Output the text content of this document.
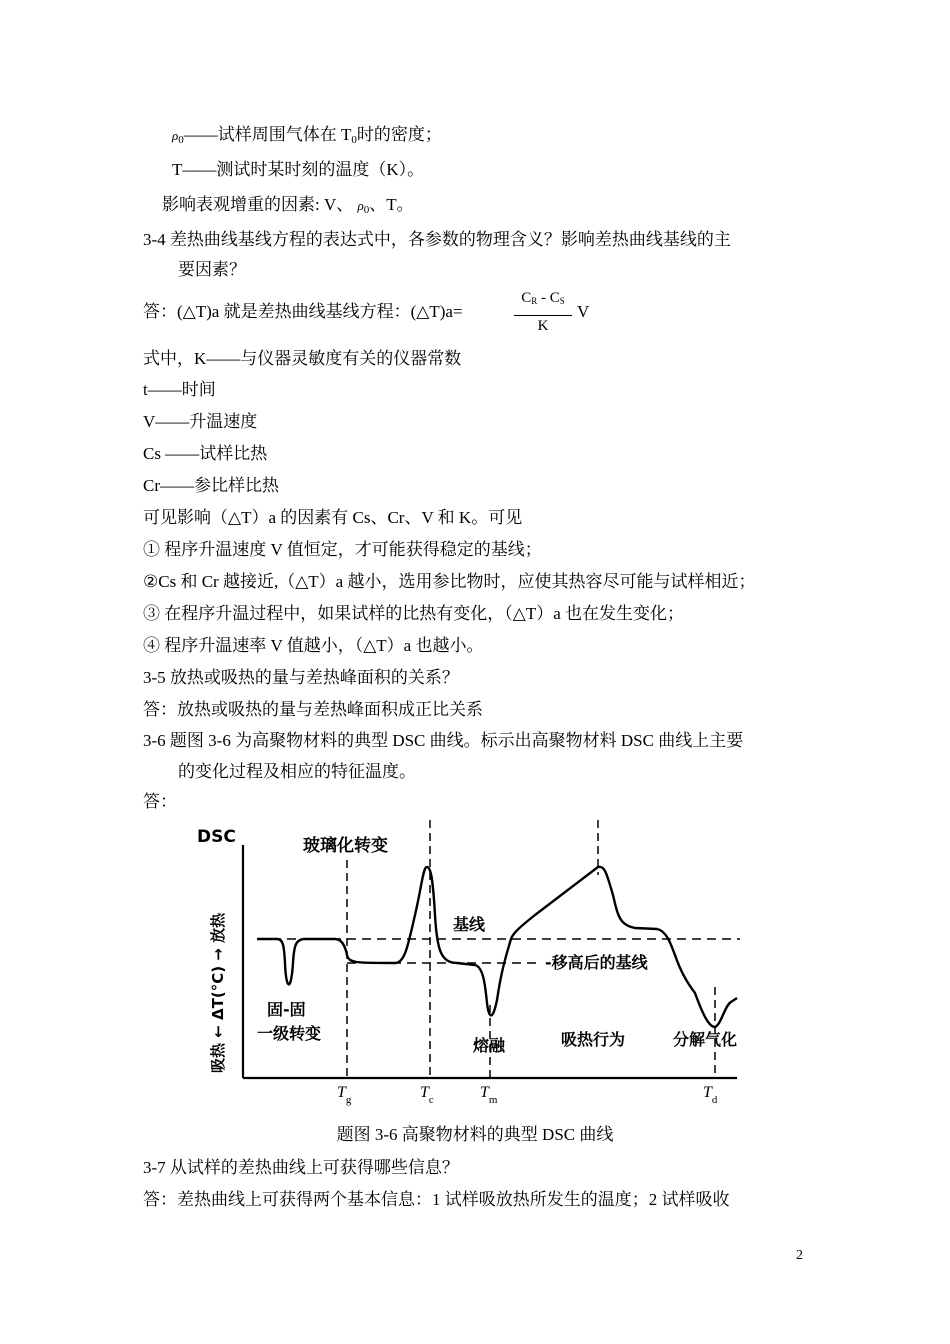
$\rho_0——$试样周围气体在 $T_0$时的密度；
T——测试时某时刻的温度（K）。
影响表观增重的因素: V、 $\rho_0$、T。
3-4 差热曲线基线方程的表达式中，各参数的物理含义？影响差热曲线基线的主
要因素？
答：(△T)a 就是差热曲线基线方程：(△T)a=
$C_R - C_S$
K
V
式中，K——与仪器灵敏度有关的仪器常数
t——时间
V——升温速度
Cs ——试样比热
Cr——参比样比热
可见影响（△T）a 的因素有 Cs、Cr、V 和 K。可见
① 程序升温速度 V 值恒定，才可能获得稳定的基线；
②Cs 和 Cr 越接近,（△T）a 越小，选用参比物时，应使其热容尽可能与试样相近；
③ 在程序升温过程中，如果试样的比热有变化，（△T）a 也在发生变化；
④ 程序升温速率 V 值越小，（△T）a 也越小。
3-5 放热或吸热的量与差热峰面积的关系？
答：放热或吸热的量与差热峰面积成正比关系
3-6 题图 3-6 为高聚物材料的典型 DSC 曲线。标示出高聚物材料 DSC 曲线上主要
的变化过程及相应的特征温度。
答：
DSC
吸热 ← ΔT(°C) → 放热
玻璃化转变
基线
-移高后的基线
固-固
一级转变
熔融	吸热行为	分解气化
$T_g$	$T_c$	$T_m$	$T_d$
题图 3-6 高聚物材料的典型 DSC 曲线
3-7 从试样的差热曲线上可获得哪些信息？
答：差热曲线上可获得两个基本信息：1 试样吸放热所发生的温度；2 试样吸收
2
